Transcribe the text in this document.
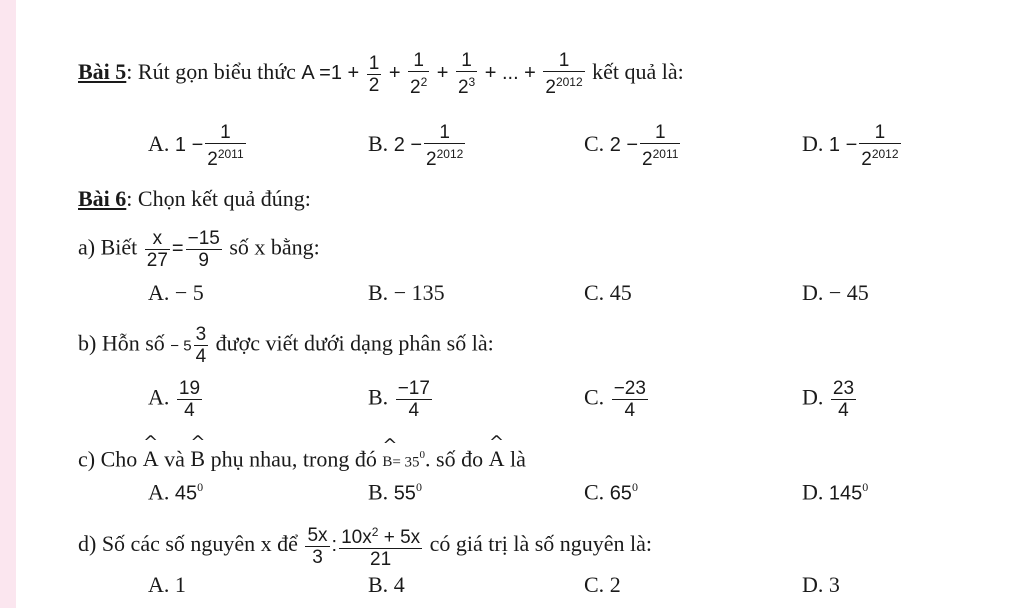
Bài 5: Rút gọn biểu thức $A =1 + \frac{1}{2} + \frac{1}{2^2} + \frac{1}{2^3}$ + ... + $\frac{1}{2^{2012}}$ kết quả là:
A. $1 - \frac{1}{2^{2011}}$	B. $2 - \frac{1}{2^{2012}}$	C. $2 - \frac{1}{2^{2011}}$	D. $1 - \frac{1}{2^{2012}}$
Bài 6: Chọn kết quả đúng:
a) Biết $\frac{x}{27} = \frac{-15}{9}$ số x bằng:
A. − 5	B. − 135	C. 45	D. − 45
b) Hỗn số − $5 \frac{3}{4}$ được viết dưới dạng phân số là:
A. $\frac{19}{4}$	B. $\frac{-17}{4}$	C. $\frac{-23}{4}$	D. $\frac{23}{4}$
c) Cho ^ A và ^ B phụ nhau, trong đó ^ $B= 35^0$. số đo ^ A là
A. $45^0$	B. $55^0$	C. $65^0$	D. $145^0$
d) Số các số nguyên x để $\frac{5x}{3}$ : $\frac{10x^2 + 5x}{21}$ có giá trị là số nguyên là:
A. 1	B. 4	C. 2	D. 3
